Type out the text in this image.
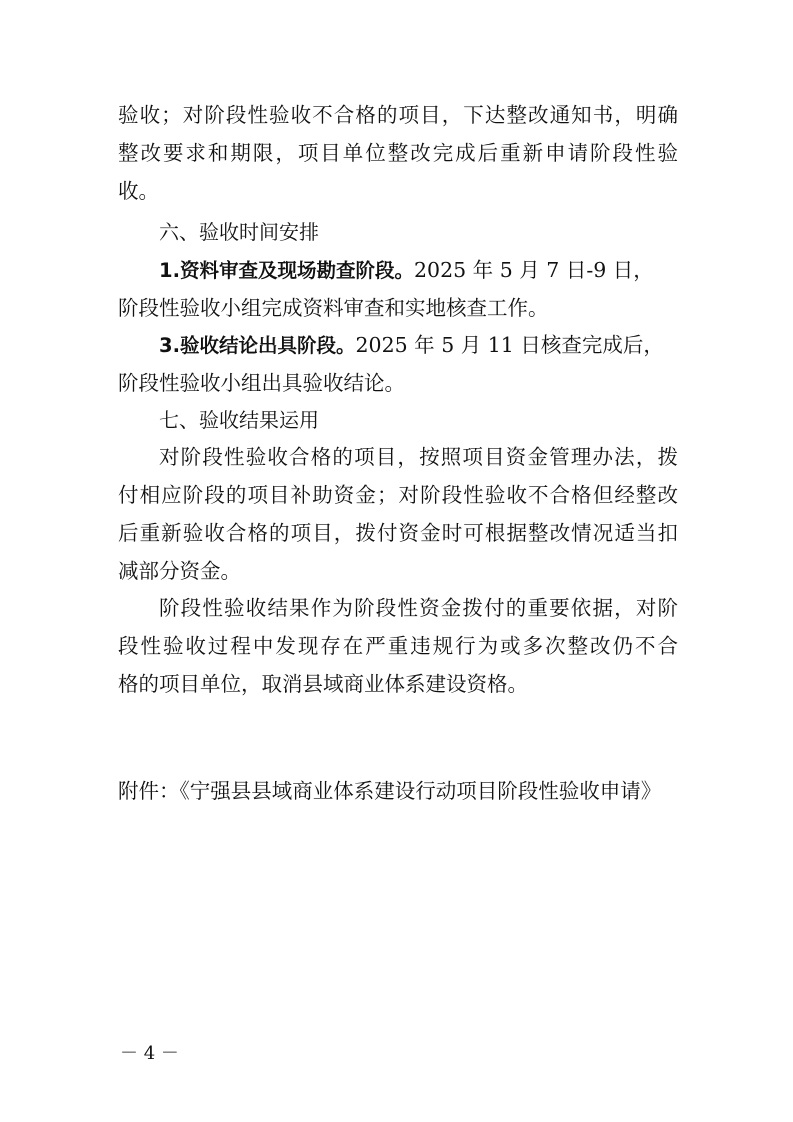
验收；对阶段性验收不合格的项目，下达整改通知书，明确
整改要求和期限，项目单位整改完成后重新申请阶段性验
收。
六、验收时间安排
1.资料审查及现场勘查阶段。2025 年 5 月 7 日-9 日，
阶段性验收小组完成资料审查和实地核查工作。
3.验收结论出具阶段。2025 年 5 月 11 日核查完成后，
阶段性验收小组出具验收结论。
七、验收结果运用
对阶段性验收合格的项目，按照项目资金管理办法，拨
付相应阶段的项目补助资金；对阶段性验收不合格但经整改
后重新验收合格的项目，拨付资金时可根据整改情况适当扣
减部分资金。
阶段性验收结果作为阶段性资金拨付的重要依据，对阶
段性验收过程中发现存在严重违规行为或多次整改仍不合
格的项目单位，取消县域商业体系建设资格。
附件：《宁强县县域商业体系建设行动项目阶段性验收申请》
－ 4 －
